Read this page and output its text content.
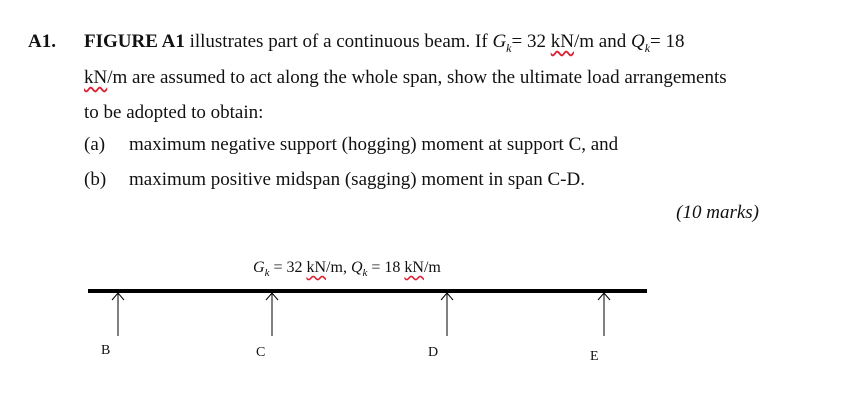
A1. FIGURE A1 illustrates part of a continuous beam. If $G_k= 32$ kN/m and $Q_k= 18$
kN/m are assumed to act along the whole span, show the ultimate load arrangements
to be adopted to obtain:
(a) maximum negative support (hogging) moment at support C, and
(b) maximum positive midspan (sagging) moment in span C-D.
(10 marks)
$G_k = 32$ kN/m, $Q_k = 18$ kN/m
B	C	D	E
